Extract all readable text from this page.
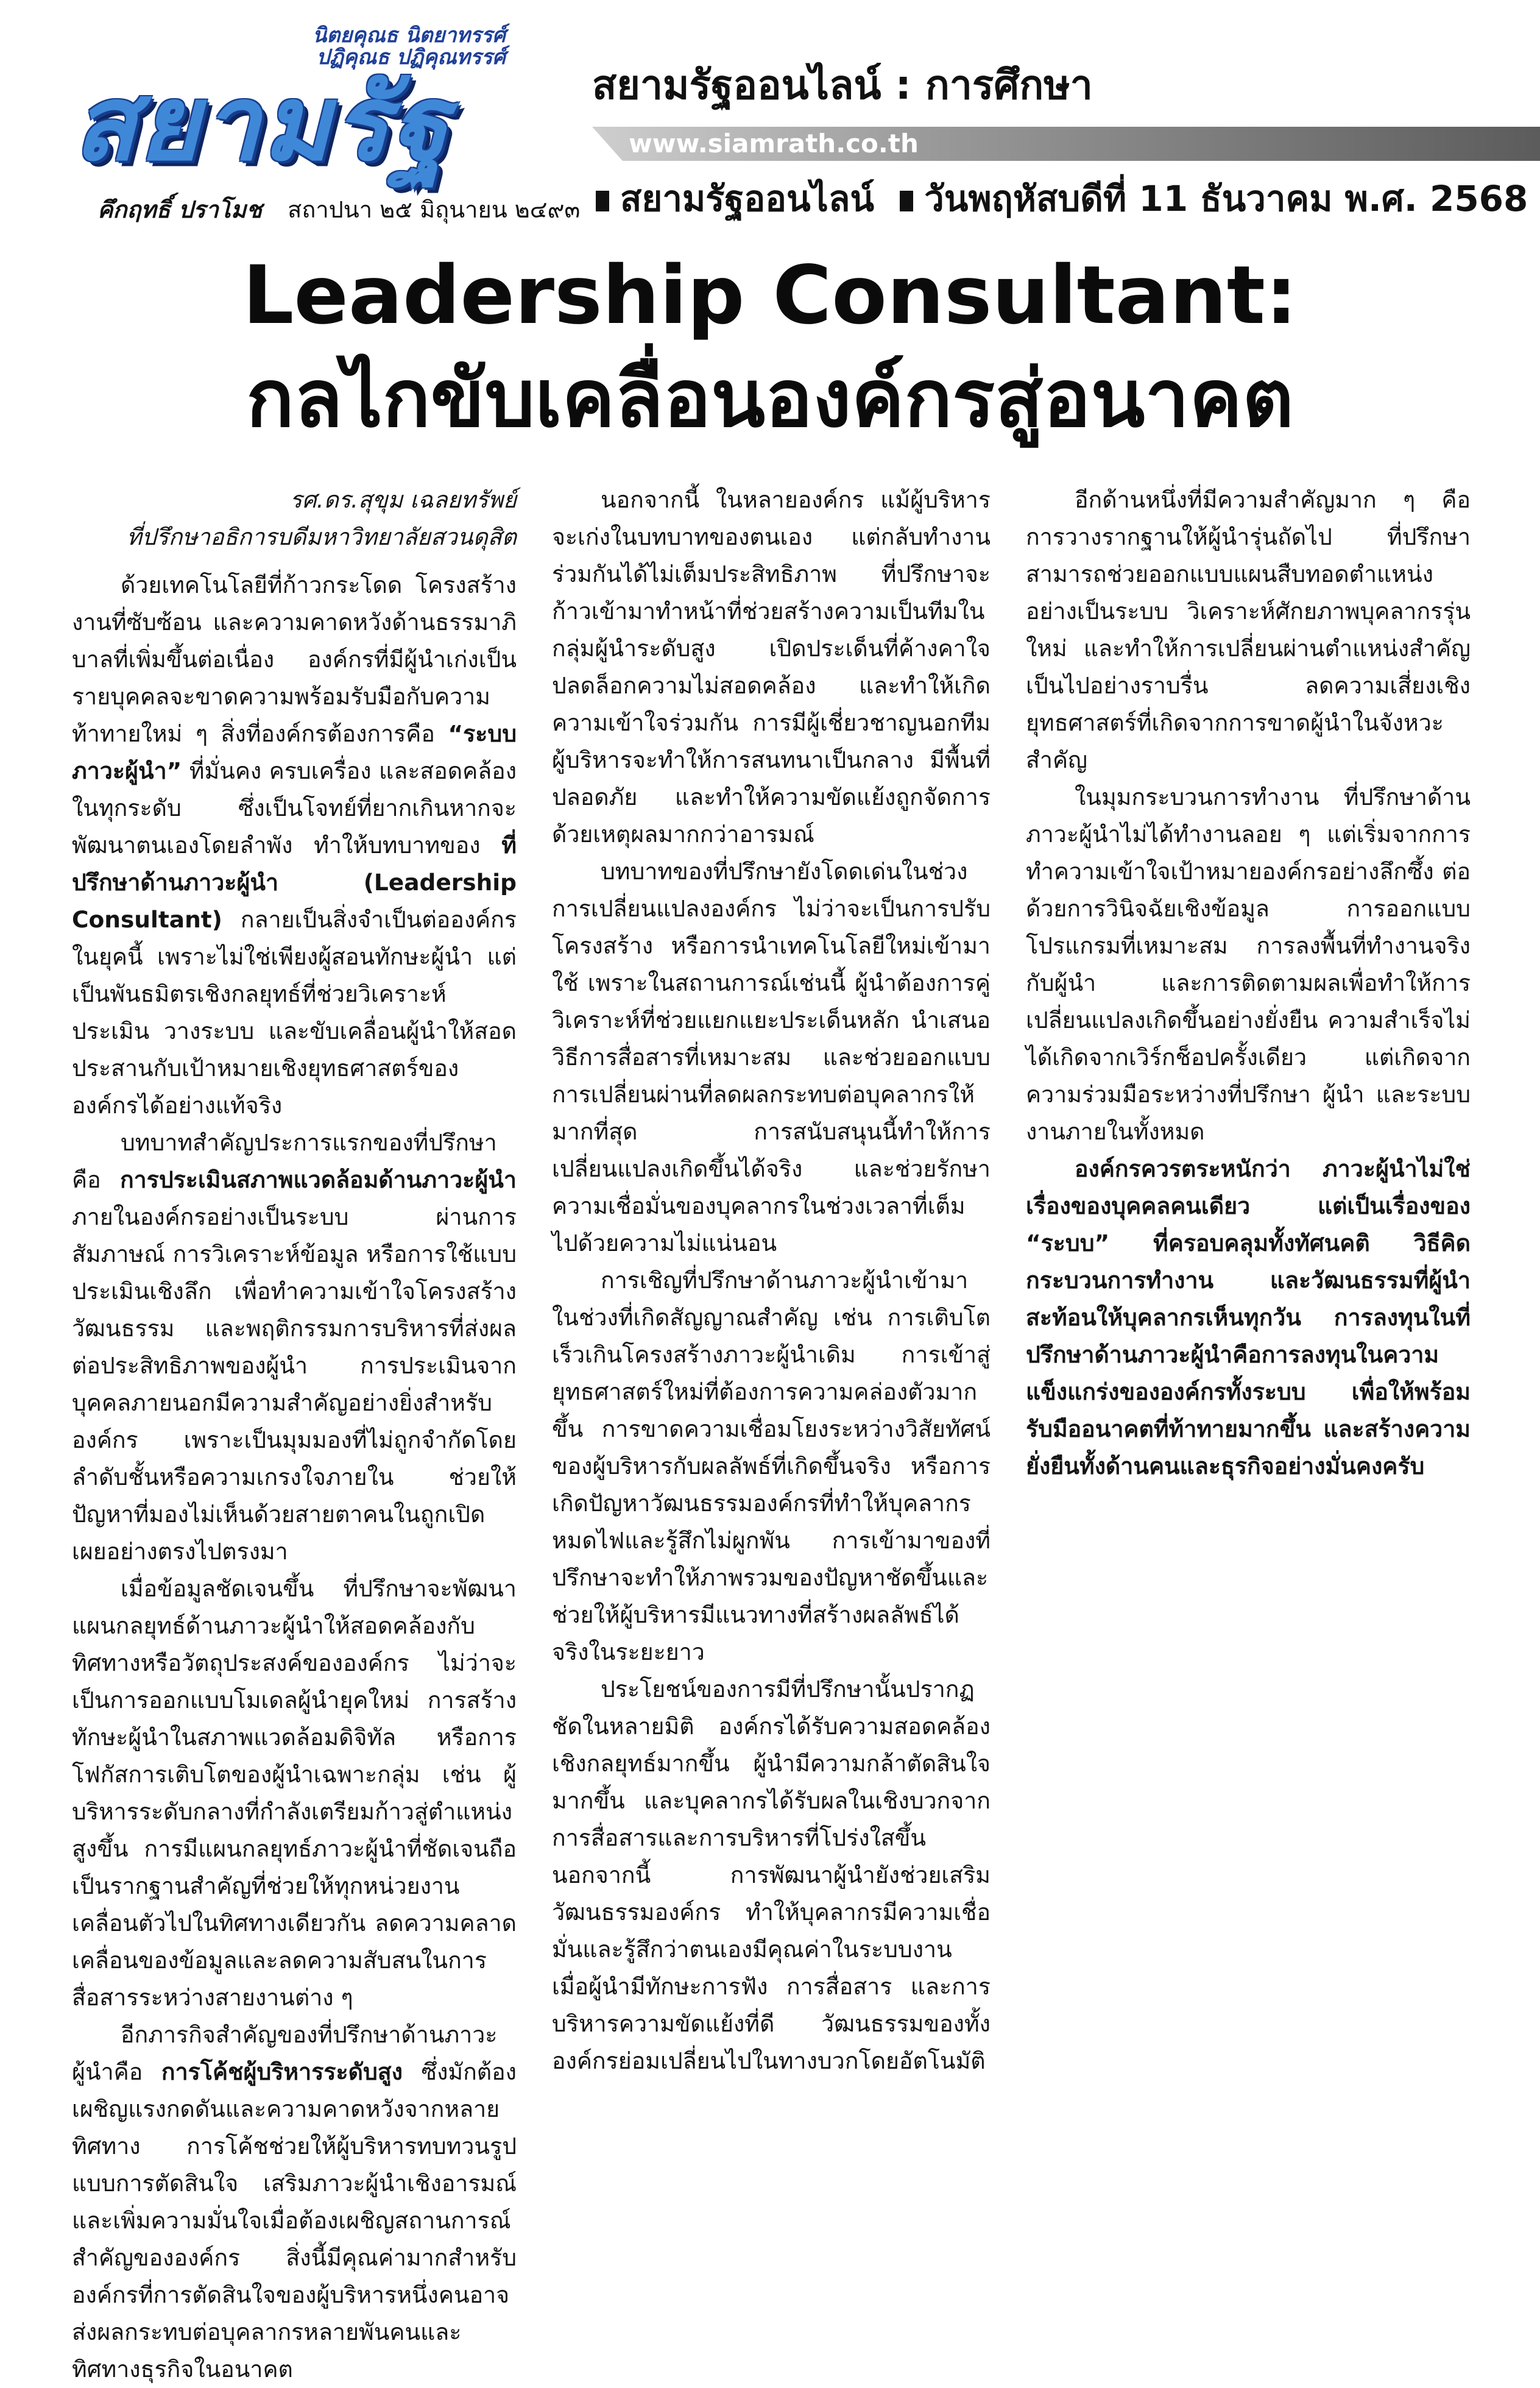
นิตยคุณธ นิตยาทรรศ์
ปฏิคุณธ ปฏิคุณทรรศ์
สยามรัฐ
คึกฤทธิ์ ปราโมช สถาปนา ๒๕ มิถุนายน ๒๔๙๓
สยามรัฐออนไลน์ : การศึกษา
www.siamrath.co.th
สยามรัฐออนไลน์ วันพฤหัสบดีที่ 11 ธันวาคม พ.ศ. 2568
Leadership Consultant:
กลไกขับเคลื่อนองค์กรสู่อนาคต
รศ.ดร.สุขุม เฉลยทรัพย์
ที่ปรึกษาอธิการบดีมหาวิทยาลัยสวนดุสิต

ด้วยเทคโนโลยีที่ก้าวกระโดด โครงสร้างงานที่ซับซ้อน และความคาดหวังด้านธรรมาภิบาลที่เพิ่มขึ้นต่อเนื่อง องค์กรที่มีผู้นำเก่งเป็นรายบุคคลจะขาดความพร้อมรับมือกับความท้าทายใหม่ ๆ สิ่งที่องค์กรต้องการคือ “ระบบภาวะผู้นำ” ที่มั่นคง ครบเครื่อง และสอดคล้องในทุกระดับ ซึ่งเป็นโจทย์ที่ยากเกินหากจะพัฒนาตนเองโดยลำพัง ทำให้บทบาทของ ที่ปรึกษาด้านภาวะผู้นำ (Leadership Consultant) กลายเป็นสิ่งจำเป็นต่อองค์กรในยุคนี้ เพราะไม่ใช่เพียงผู้สอนทักษะผู้นำ แต่เป็นพันธมิตรเชิงกลยุทธ์ที่ช่วยวิเคราะห์ ประเมิน วางระบบ และขับเคลื่อนผู้นำให้สอดประสานกับเป้าหมายเชิงยุทธศาสตร์ขององค์กรได้อย่างแท้จริง

บทบาทสำคัญประการแรกของที่ปรึกษาคือ การประเมินสภาพแวดล้อมด้านภาวะผู้นำภายในองค์กรอย่างเป็นระบบ ผ่านการสัมภาษณ์ การวิเคราะห์ข้อมูล หรือการใช้แบบประเมินเชิงลึก เพื่อทำความเข้าใจโครงสร้าง วัฒนธรรม และพฤติกรรมการบริหารที่ส่งผลต่อประสิทธิภาพของผู้นำ การประเมินจากบุคคลภายนอกมีความสำคัญอย่างยิ่งสำหรับองค์กร เพราะเป็นมุมมองที่ไม่ถูกจำกัดโดยลำดับชั้นหรือความเกรงใจภายใน ช่วยให้ปัญหาที่มองไม่เห็นด้วยสายตาคนในถูกเปิดเผยอย่างตรงไปตรงมา

เมื่อข้อมูลชัดเจนขึ้น ที่ปรึกษาจะพัฒนาแผนกลยุทธ์ด้านภาวะผู้นำให้สอดคล้องกับทิศทางหรือวัตถุประสงค์ขององค์กร ไม่ว่าจะเป็นการออกแบบโมเดลผู้นำยุคใหม่ การสร้างทักษะผู้นำในสภาพแวดล้อมดิจิทัล หรือการโฟกัสการเติบโตของผู้นำเฉพาะกลุ่ม เช่น ผู้บริหารระดับกลางที่กำลังเตรียมก้าวสู่ตำแหน่งสูงขึ้น การมีแผนกลยุทธ์ภาวะผู้นำที่ชัดเจนถือเป็นรากฐานสำคัญที่ช่วยให้ทุกหน่วยงานเคลื่อนตัวไปในทิศทางเดียวกัน ลดความคลาดเคลื่อนของข้อมูลและลดความสับสนในการสื่อสารระหว่างสายงานต่าง ๆ

อีกภารกิจสำคัญของที่ปรึกษาด้านภาวะผู้นำคือ การโค้ชผู้บริหารระดับสูง ซึ่งมักต้องเผชิญแรงกดดันและความคาดหวังจากหลายทิศทาง การโค้ชช่วยให้ผู้บริหารทบทวนรูปแบบการตัดสินใจ เสริมภาวะผู้นำเชิงอารมณ์ และเพิ่มความมั่นใจเมื่อต้องเผชิญสถานการณ์สำคัญขององค์กร สิ่งนี้มีคุณค่ามากสำหรับองค์กรที่การตัดสินใจของผู้บริหารหนึ่งคนอาจส่งผลกระทบต่อบุคลากรหลายพันคนและทิศทางธุรกิจในอนาคต

นอกจากนี้ ในหลายองค์กร แม้ผู้บริหารจะเก่งในบทบาทของตนเอง แต่กลับทำงานร่วมกันได้ไม่เต็มประสิทธิภาพ ที่ปรึกษาจะก้าวเข้ามาทำหน้าที่ช่วยสร้างความเป็นทีมในกลุ่มผู้นำระดับสูง เปิดประเด็นที่ค้างคาใจ ปลดล็อกความไม่สอดคล้อง และทำให้เกิดความเข้าใจร่วมกัน การมีผู้เชี่ยวชาญนอกทีมผู้บริหารจะทำให้การสนทนาเป็นกลาง มีพื้นที่ปลอดภัย และทำให้ความขัดแย้งถูกจัดการด้วยเหตุผลมากกว่าอารมณ์

บทบาทของที่ปรึกษายังโดดเด่นในช่วงการเปลี่ยนแปลงองค์กร ไม่ว่าจะเป็นการปรับโครงสร้าง หรือการนำเทคโนโลยีใหม่เข้ามาใช้ เพราะในสถานการณ์เช่นนี้ ผู้นำต้องการคู่วิเคราะห์ที่ช่วยแยกแยะประเด็นหลัก นำเสนอวิธีการสื่อสารที่เหมาะสม และช่วยออกแบบการเปลี่ยนผ่านที่ลดผลกระทบต่อบุคลากรให้มากที่สุด การสนับสนุนนี้ทำให้การเปลี่ยนแปลงเกิดขึ้นได้จริง และช่วยรักษาความเชื่อมั่นของบุคลากรในช่วงเวลาที่เต็มไปด้วยความไม่แน่นอน

การเชิญที่ปรึกษาด้านภาวะผู้นำเข้ามาในช่วงที่เกิดสัญญาณสำคัญ เช่น การเติบโตเร็วเกินโครงสร้างภาวะผู้นำเดิม การเข้าสู่ยุทธศาสตร์ใหม่ที่ต้องการความคล่องตัวมากขึ้น การขาดความเชื่อมโยงระหว่างวิสัยทัศน์ของผู้บริหารกับผลลัพธ์ที่เกิดขึ้นจริง หรือการเกิดปัญหาวัฒนธรรมองค์กรที่ทำให้บุคลากรหมดไฟและรู้สึกไม่ผูกพัน การเข้ามาของที่ปรึกษาจะทำให้ภาพรวมของปัญหาชัดขึ้นและช่วยให้ผู้บริหารมีแนวทางที่สร้างผลลัพธ์ได้จริงในระยะยาว

ประโยชน์ของการมีที่ปรึกษานั้นปรากฏชัดในหลายมิติ องค์กรได้รับความสอดคล้องเชิงกลยุทธ์มากขึ้น ผู้นำมีความกล้าตัดสินใจมากขึ้น และบุคลากรได้รับผลในเชิงบวกจากการสื่อสารและการบริหารที่โปร่งใสขึ้น นอกจากนี้ การพัฒนาผู้นำยังช่วยเสริมวัฒนธรรมองค์กร ทำให้บุคลากรมีความเชื่อมั่นและรู้สึกว่าตนเองมีคุณค่าในระบบงาน เมื่อผู้นำมีทักษะการฟัง การสื่อสาร และการบริหารความขัดแย้งที่ดี วัฒนธรรมของทั้งองค์กรย่อมเปลี่ยนไปในทางบวกโดยอัตโนมัติ

อีกด้านหนึ่งที่มีความสำคัญมาก ๆ คือการวางรากฐานให้ผู้นำรุ่นถัดไป ที่ปรึกษาสามารถช่วยออกแบบแผนสืบทอดตำแหน่งอย่างเป็นระบบ วิเคราะห์ศักยภาพบุคลากรรุ่นใหม่ และทำให้การเปลี่ยนผ่านตำแหน่งสำคัญเป็นไปอย่างราบรื่น ลดความเสี่ยงเชิงยุทธศาสตร์ที่เกิดจากการขาดผู้นำในจังหวะสำคัญ

ในมุมกระบวนการทำงาน ที่ปรึกษาด้านภาวะผู้นำไม่ได้ทำงานลอย ๆ แต่เริ่มจากการทำความเข้าใจเป้าหมายองค์กรอย่างลึกซึ้ง ต่อด้วยการวินิจฉัยเชิงข้อมูล การออกแบบโปรแกรมที่เหมาะสม การลงพื้นที่ทำงานจริงกับผู้นำ และการติดตามผลเพื่อทำให้การเปลี่ยนแปลงเกิดขึ้นอย่างยั่งยืน ความสำเร็จไม่ได้เกิดจากเวิร์กช็อปครั้งเดียว แต่เกิดจากความร่วมมือระหว่างที่ปรึกษา ผู้นำ และระบบงานภายในทั้งหมด

องค์กรควรตระหนักว่า ภาวะผู้นำไม่ใช่เรื่องของบุคคลคนเดียว แต่เป็นเรื่องของ “ระบบ” ที่ครอบคลุมทั้งทัศนคติ วิธีคิด กระบวนการทำงาน และวัฒนธรรมที่ผู้นำสะท้อนให้บุคลากรเห็นทุกวัน การลงทุนในที่ปรึกษาด้านภาวะผู้นำคือการลงทุนในความแข็งแกร่งขององค์กรทั้งระบบ เพื่อให้พร้อมรับมืออนาคตที่ท้าทายมากขึ้น และสร้างความยั่งยืนทั้งด้านคนและธุรกิจอย่างมั่นคงครับ
